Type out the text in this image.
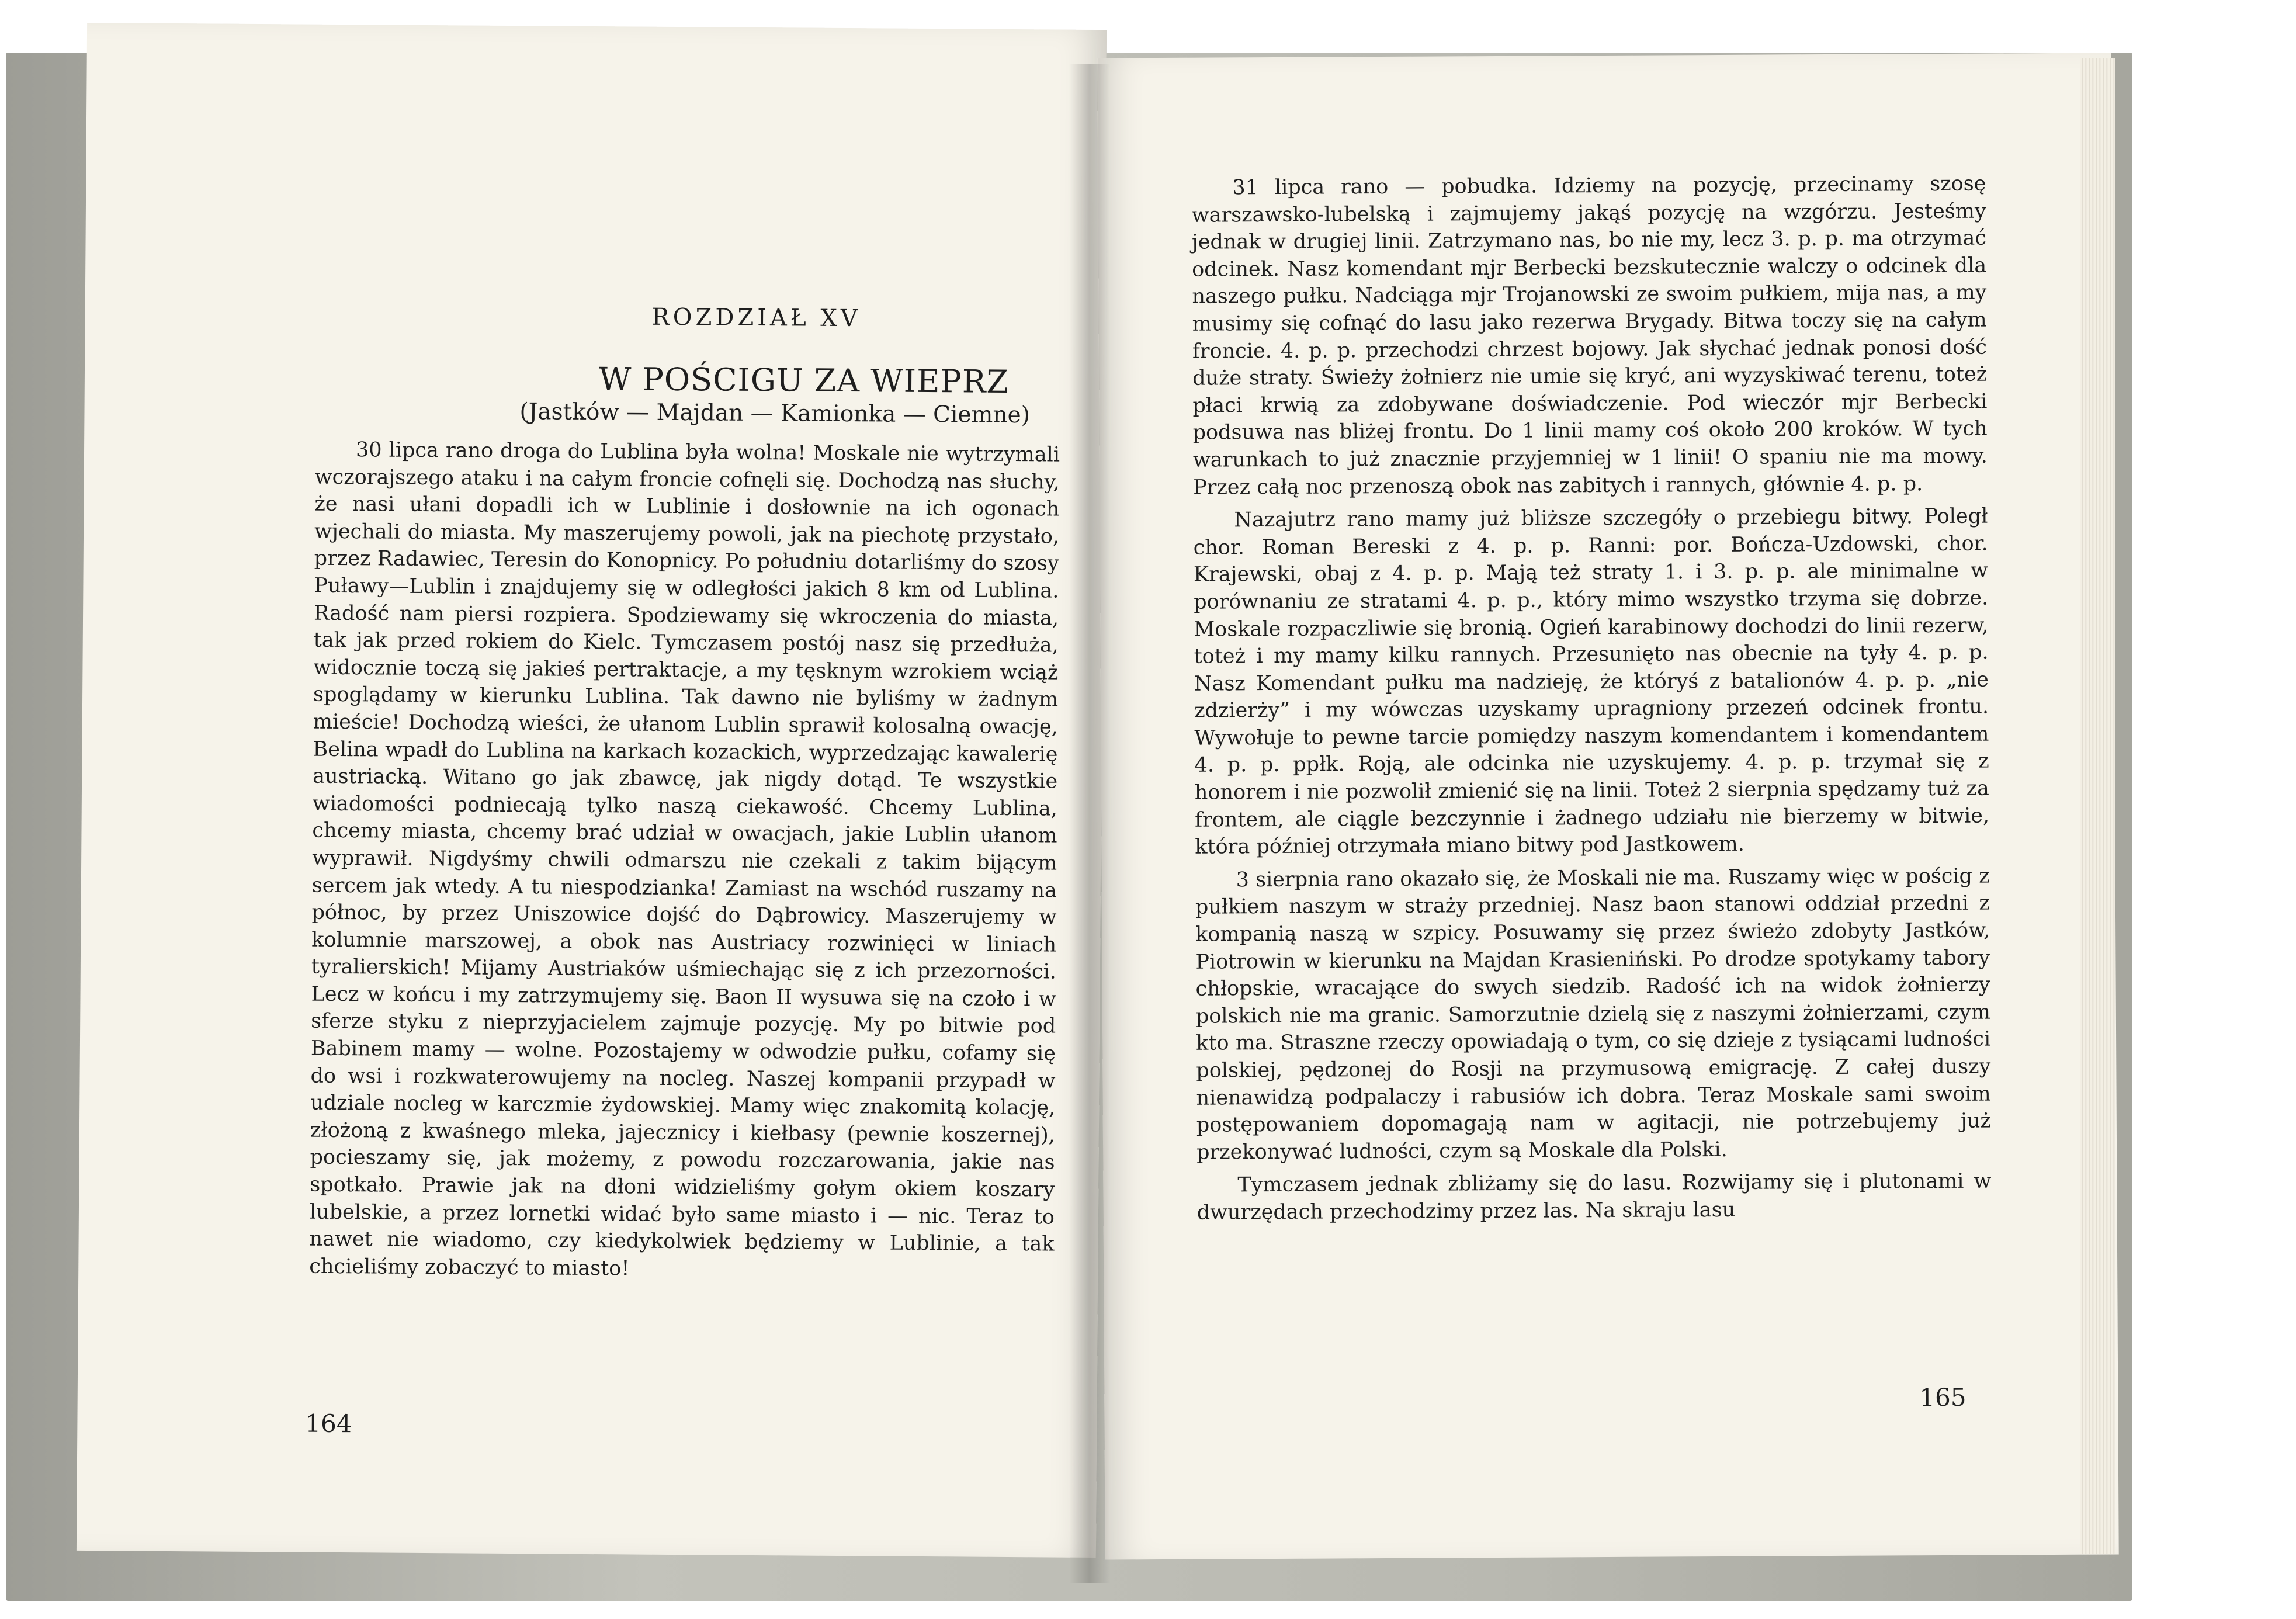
ROZDZIAŁ XV
W POŚCIGU ZA WIEPRZ
(Jastków — Majdan — Kamionka — Ciemne)

30 lipca rano droga do Lublina była wolna! Moskale nie wytrzymali wczorajszego ataku i na całym froncie cofnęli się. Dochodzą nas słuchy, że nasi ułani dopadli ich w Lublinie i dosłownie na ich ogonach wjechali do miasta. My maszerujemy powoli, jak na piechotę przystało, przez Radawiec, Teresin do Konopnicy. Po południu dotarliśmy do szosy Puławy—Lublin i znajdujemy się w odległości jakich 8 km od Lublina. Radość nam piersi rozpiera. Spodziewamy się wkroczenia do miasta, tak jak przed rokiem do Kielc. Tymczasem postój nasz się przedłuża, widocznie toczą się jakieś pertraktacje, a my tęsknym wzrokiem wciąż spoglądamy w kierunku Lublina. Tak dawno nie byliśmy w żadnym mieście! Dochodzą wieści, że ułanom Lublin sprawił kolosalną owację, Belina wpadł do Lublina na karkach kozackich, wyprzedzając kawalerię austriacką. Witano go jak zbawcę, jak nigdy dotąd. Te wszystkie wiadomości podniecają tylko naszą ciekawość. Chcemy Lublina, chcemy miasta, chcemy brać udział w owacjach, jakie Lublin ułanom wyprawił. Nigdyśmy chwili odmarszu nie czekali z takim bijącym sercem jak wtedy. A tu niespodzianka! Zamiast na wschód ruszamy na północ, by przez Uniszowice dojść do Dąbrowicy. Maszerujemy w kolumnie marszowej, a obok nas Austriacy rozwinięci w liniach tyralierskich! Mijamy Austriaków uśmiechając się z ich przezorności. Lecz w końcu i my zatrzymujemy się. Baon II wysuwa się na czoło i w sferze styku z nieprzyjacielem zajmuje pozycję. My po bitwie pod Babinem mamy — wolne. Pozostajemy w odwodzie pułku, cofamy się do wsi i rozkwaterowujemy na nocleg. Naszej kompanii przypadł w udziale nocleg w karczmie żydowskiej. Mamy więc znakomitą kolację, złożoną z kwaśnego mleka, jajecznicy i kiełbasy (pewnie koszernej), pocieszamy się, jak możemy, z powodu rozczarowania, jakie nas spotkało. Prawie jak na dłoni widzieliśmy gołym okiem koszary lubelskie, a przez lornetki widać było same miasto i — nic. Teraz to nawet nie wiadomo, czy kiedykolwiek będziemy w Lublinie, a tak chcieliśmy zobaczyć to miasto!

164

31 lipca rano — pobudka. Idziemy na pozycję, przecinamy szosę warszawsko-lubelską i zajmujemy jakąś pozycję na wzgórzu. Jesteśmy jednak w drugiej linii. Zatrzymano nas, bo nie my, lecz 3. p. p. ma otrzymać odcinek. Nasz komendant mjr Berbecki bezskutecznie walczy o odcinek dla naszego pułku. Nadciąga mjr Trojanowski ze swoim pułkiem, mija nas, a my musimy się cofnąć do lasu jako rezerwa Brygady. Bitwa toczy się na całym froncie. 4. p. p. przechodzi chrzest bojowy. Jak słychać jednak ponosi dość duże straty. Świeży żołnierz nie umie się kryć, ani wyzyskiwać terenu, toteż płaci krwią za zdobywane doświadczenie. Pod wieczór mjr Berbecki podsuwa nas bliżej frontu. Do 1 linii mamy coś około 200 kroków. W tych warunkach to już znacznie przyjemniej w 1 linii! O spaniu nie ma mowy. Przez całą noc przenoszą obok nas zabitych i rannych, głównie 4. p. p.

Nazajutrz rano mamy już bliższe szczegóły o przebiegu bitwy. Poległ chor. Roman Bereski z 4. p. p. Ranni: por. Bończa-Uzdowski, chor. Krajewski, obaj z 4. p. p. Mają też straty 1. i 3. p. p. ale minimalne w porównaniu ze stratami 4. p. p., który mimo wszystko trzyma się dobrze. Moskale rozpaczliwie się bronią. Ogień karabinowy dochodzi do linii rezerw, toteż i my mamy kilku rannych. Przesunięto nas obecnie na tyły 4. p. p. Nasz Komendant pułku ma nadzieję, że któryś z batalionów 4. p. p. „nie zdzierży” i my wówczas uzyskamy upragniony przezeń odcinek frontu. Wywołuje to pewne tarcie pomiędzy naszym komendantem i komendantem 4. p. p. ppłk. Roją, ale odcinka nie uzyskujemy. 4. p. p. trzymał się z honorem i nie pozwolił zmienić się na linii. Toteż 2 sierpnia spędzamy tuż za frontem, ale ciągle bezczynnie i żadnego udziału nie bierzemy w bitwie, która później otrzymała miano bitwy pod Jastkowem.

3 sierpnia rano okazało się, że Moskali nie ma. Ruszamy więc w pościg z pułkiem naszym w straży przedniej. Nasz baon stanowi oddział przedni z kompanią naszą w szpicy. Posuwamy się przez świeżo zdobyty Jastków, Piotrowin w kierunku na Majdan Krasieniński. Po drodze spotykamy tabory chłopskie, wracające do swych siedzib. Radość ich na widok żołnierzy polskich nie ma granic. Samorzutnie dzielą się z naszymi żołnierzami, czym kto ma. Straszne rzeczy opowiadają o tym, co się dzieje z tysiącami ludności polskiej, pędzonej do Rosji na przymusową emigrację. Z całej duszy nienawidzą podpalaczy i rabusiów ich dobra. Teraz Moskale sami swoim postępowaniem dopomagają nam w agitacji, nie potrzebujemy już przekonywać ludności, czym są Moskale dla Polski.

Tymczasem jednak zbliżamy się do lasu. Rozwijamy się i plutonami w dwurzędach przechodzimy przez las. Na skraju lasu

165
